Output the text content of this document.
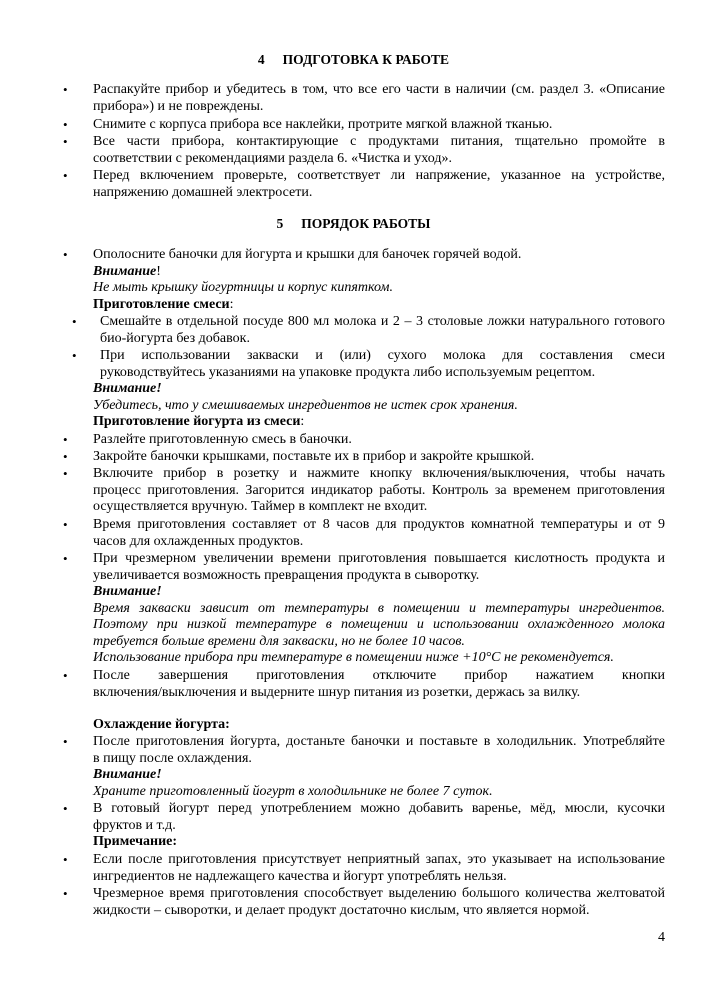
4 ПОДГОТОВКА К РАБОТЕ
• Распакуйте прибор и убедитесь в том, что все его части в наличии (см. раздел 3. «Описание
прибора») и не повреждены.
• Снимите с корпуса прибора все наклейки, протрите мягкой влажной тканью.
• Все части прибора, контактирующие с продуктами питания, тщательно промойте в
соответствии с рекомендациями раздела 6. «Чистка и уход».
• Перед включением проверьте, соответствует ли напряжение, указанное на устройстве,
напряжению домашней электросети.
5 ПОРЯДОК РАБОТЫ
• Ополосните баночки для йогурта и крышки для баночек горячей водой.
Внимание!
Не мыть крышку йогуртницы и корпус кипятком.
Приготовление смеси:
• Смешайте в отдельной посуде 800 мл молока и 2 – 3 столовые ложки натурального готового
био-йогурта без добавок.
• При использовании закваски и (или) сухого молока для составления смеси
руководствуйтесь указаниями на упаковке продукта либо используемым рецептом.
Внимание!
Убедитесь, что у смешиваемых ингредиентов не истек срок хранения.
Приготовление йогурта из смеси:
• Разлейте приготовленную смесь в баночки.
• Закройте баночки крышками, поставьте их в прибор и закройте крышкой.
• Включите прибор в розетку и нажмите кнопку включения/выключения, чтобы начать
процесс приготовления. Загорится индикатор работы. Контроль за временем приготовления
осуществляется вручную. Таймер в комплект не входит.
• Время приготовления составляет от 8 часов для продуктов комнатной температуры и от 9
часов для охлажденных продуктов.
• При чрезмерном увеличении времени приготовления повышается кислотность продукта и
увеличивается возможность превращения продукта в сыворотку.
Внимание!
Время закваски зависит от температуры в помещении и температуры ингредиентов.
Поэтому при низкой температуре в помещении и использовании охлажденного молока
требуется больше времени для закваски, но не более 10 часов.
Использование прибора при температуре в помещении ниже +10°C не рекомендуется.
• После завершения приготовления отключите прибор нажатием кнопки
включения/выключения и выдерните шнур питания из розетки, держась за вилку.
Охлаждение йогурта:
• После приготовления йогурта, достаньте баночки и поставьте в холодильник. Употребляйте
в пищу после охлаждения.
Внимание!
Храните приготовленный йогурт в холодильнике не более 7 суток.
• В готовый йогурт перед употреблением можно добавить варенье, мёд, мюсли, кусочки
фруктов и т.д.
Примечание:
• Если после приготовления присутствует неприятный запах, это указывает на использование
ингредиентов не надлежащего качества и йогурт употреблять нельзя.
• Чрезмерное время приготовления способствует выделению большого количества желтоватой
жидкости – сыворотки, и делает продукт достаточно кислым, что является нормой.
4
